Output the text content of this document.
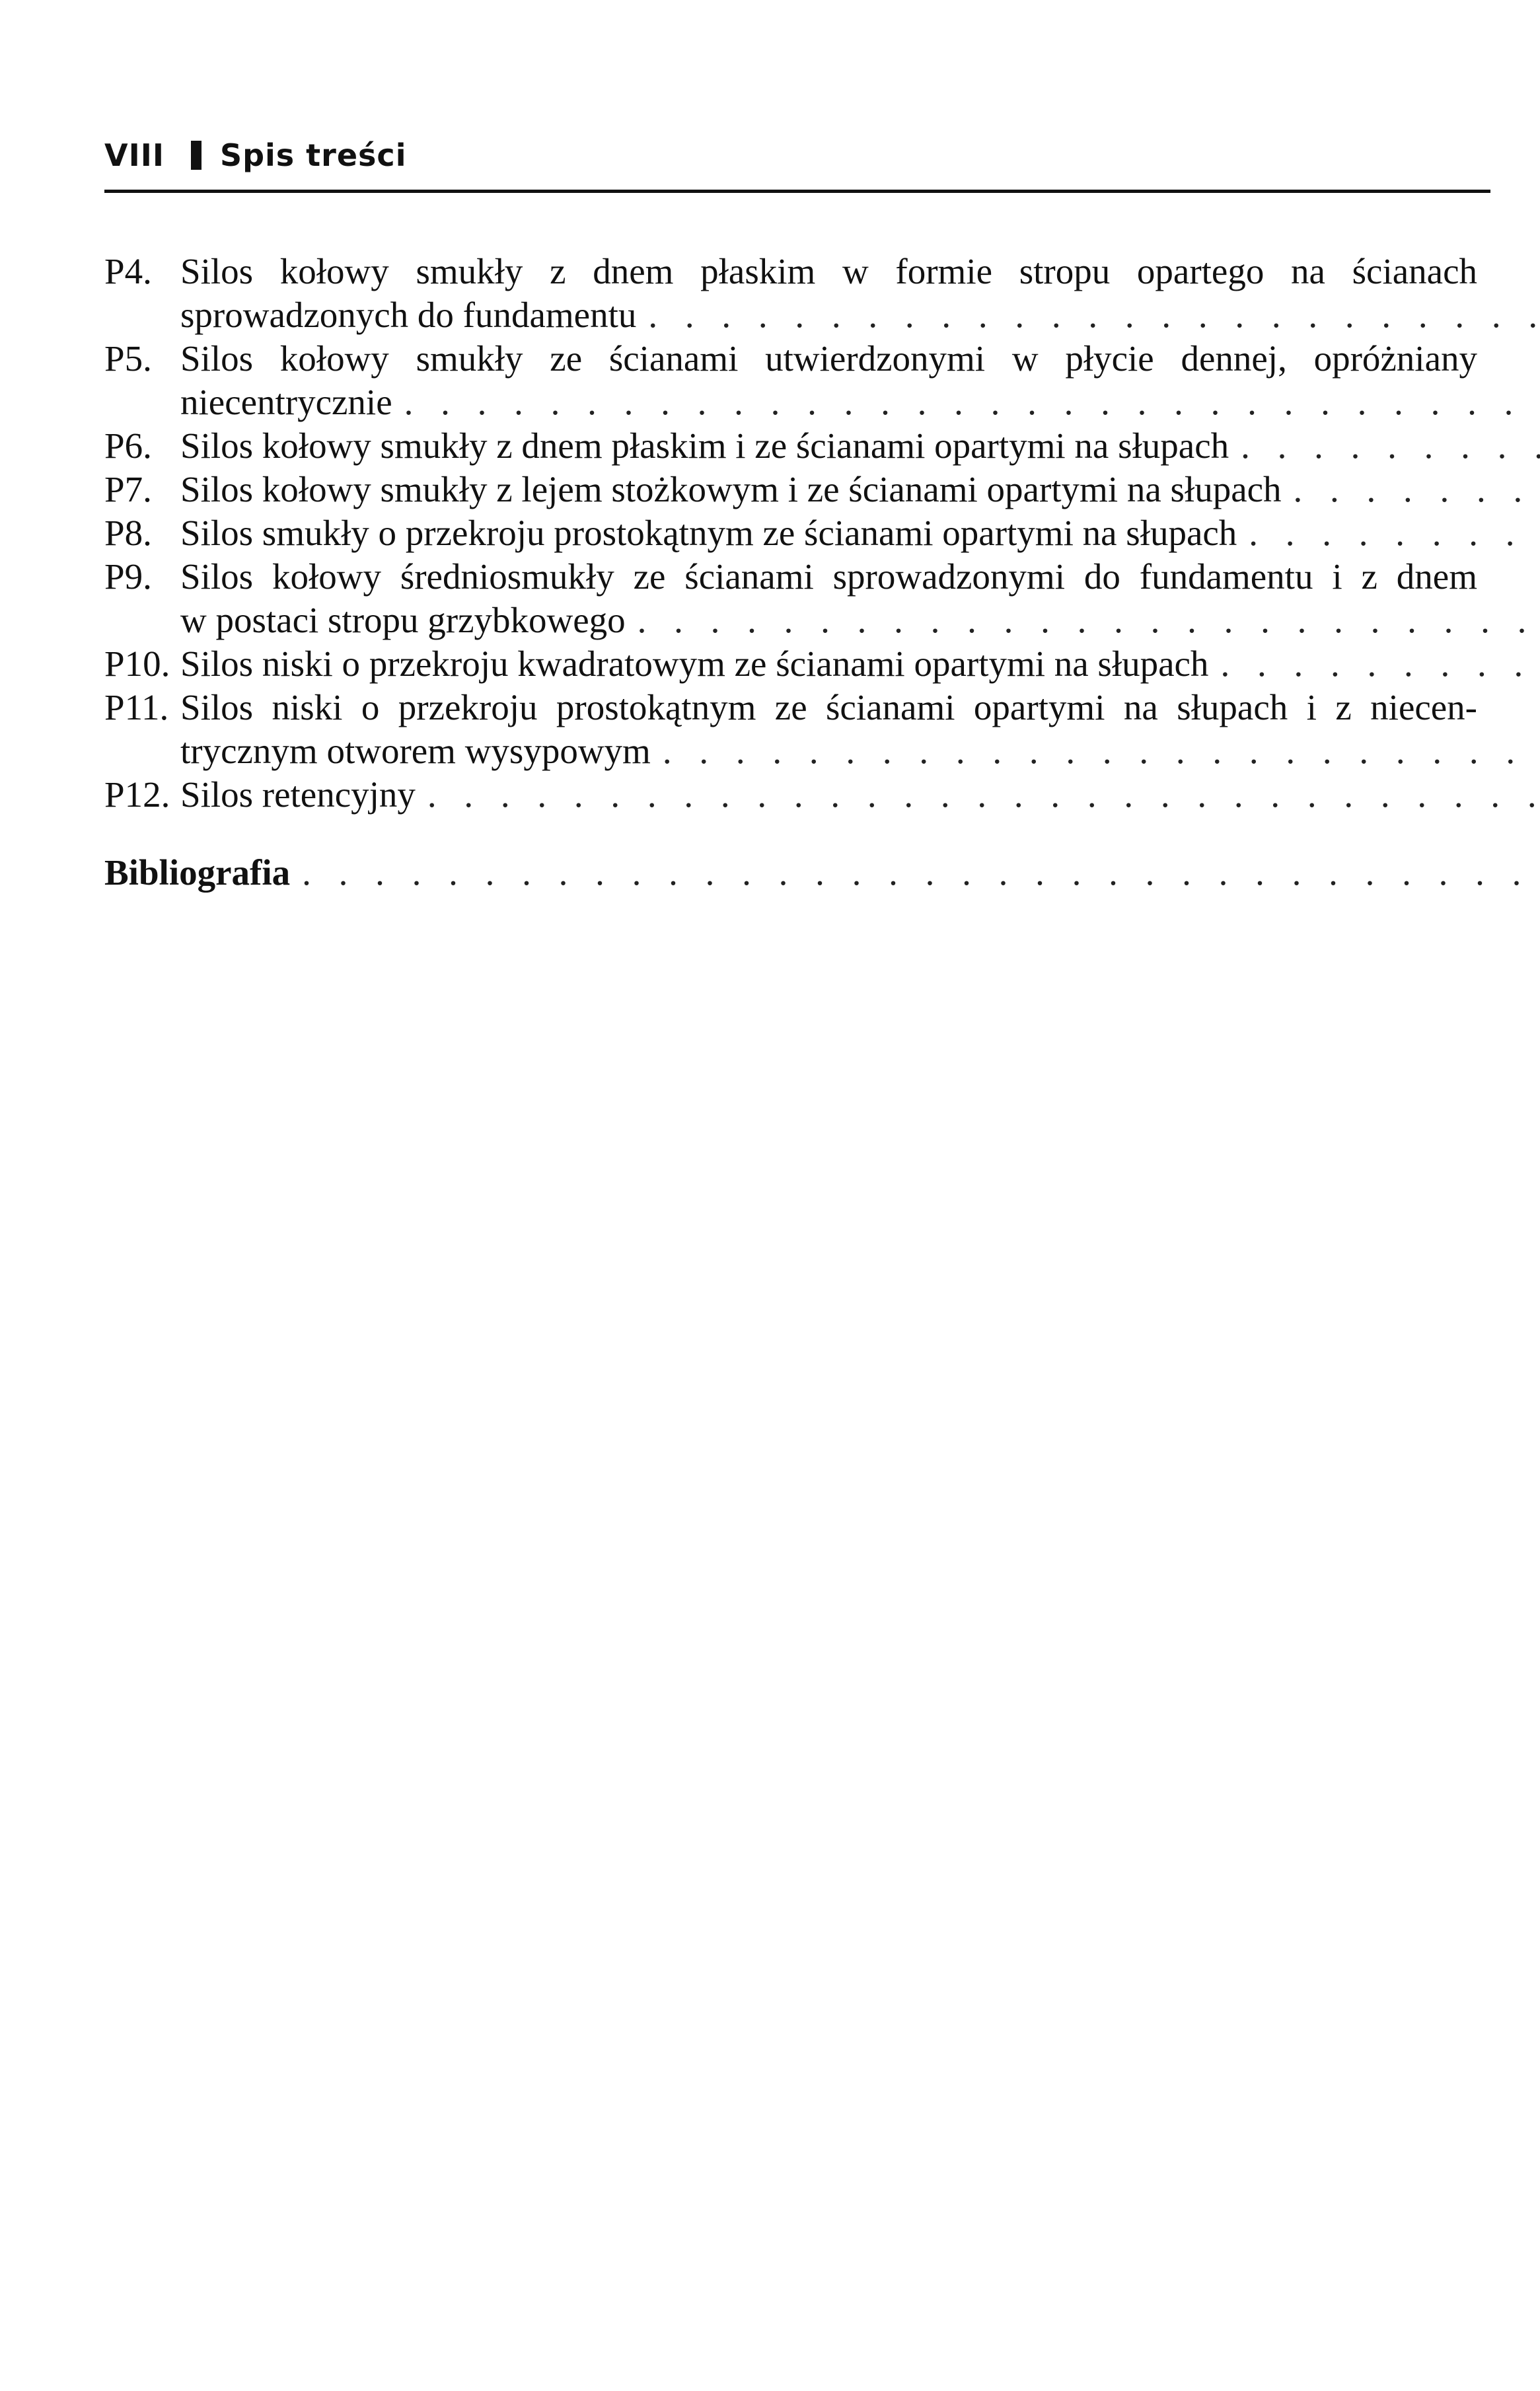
VIII Spis treści
P4. Silos kołowy smukły z dnem płaskim w formie stropu opartego na ścianach
sprowadzonych do fundamentu
. . .
P5. Silos kołowy smukły ze ścianami utwierdzonymi w płycie dennej, opróżniany
niecentrycznie
. . .
P6. Silos kołowy smukły z dnem płaskim i ze ścianami opartymi na słupach
. . .
P7. Silos kołowy smukły z lejem stożkowym i ze ścianami opartymi na słupach
. . .
P8. Silos smukły o przekroju prostokątnym ze ścianami opartymi na słupach
. . .
P9. Silos kołowy średniosmukły ze ścianami sprowadzonymi do fundamentu i z dnem
w postaci stropu grzybkowego
. . .
P10. Silos niski o przekroju kwadratowym ze ścianami opartymi na słupach
. . .
P11. Silos niski o przekroju prostokątnym ze ścianami opartymi na słupach i z niecen-
trycznym otworem wysypowym
. . .
P12. Silos retencyjny
. . .
Bibliografia
. . .
